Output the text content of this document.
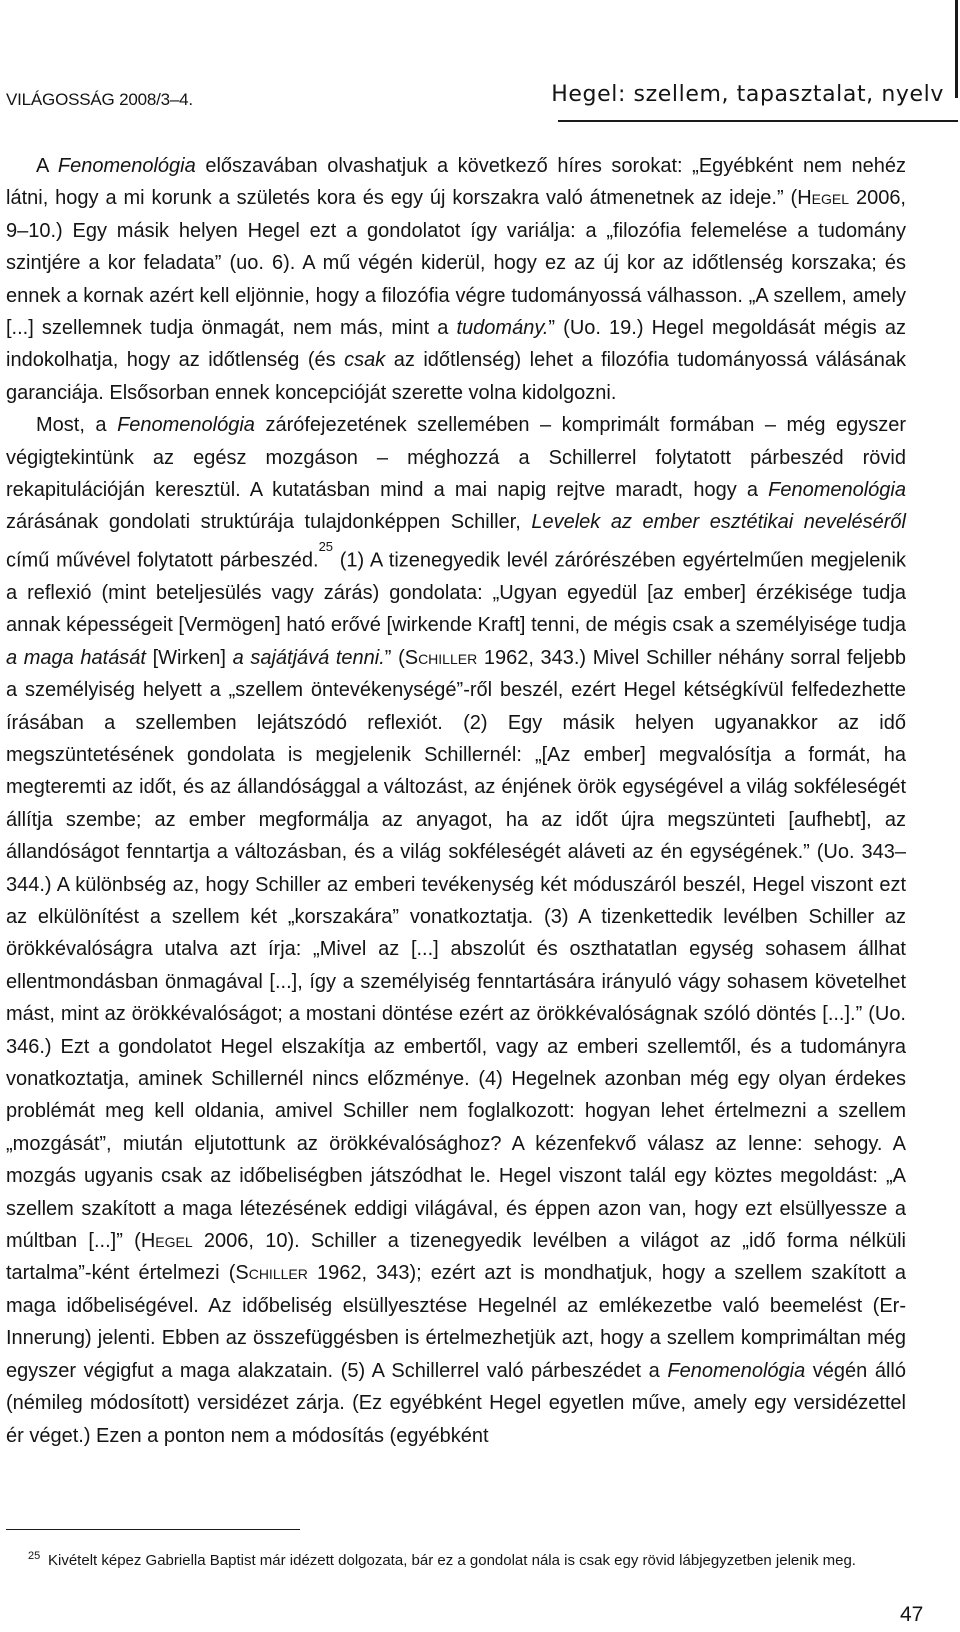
VILÁGOSSÁG 2008/3–4.	Hegel: szellem, tapasztalat, nyelv

A Fenomenológia előszavában olvashatjuk a következő híres sorokat: „Egyébként nem nehéz látni, hogy a mi korunk a születés kora és egy új korszakra való átmenetnek az ideje.” (Hegel 2006, 9–10.) Egy másik helyen Hegel ezt a gondolatot így variálja: a „filozófia felemelése a tudomány szintjére a kor feladata” (uo. 6). A mű végén kiderül, hogy ez az új kor az időtlenség korszaka; és ennek a kornak azért kell eljönnie, hogy a filozófia végre tudományossá válhasson. „A szellem, amely [...] szellemnek tudja önmagát, nem más, mint a tudomány.” (Uo. 19.) Hegel megoldását mégis az indokolhatja, hogy az időtlenség (és csak az időtlenség) lehet a filozófia tudományossá válásának garanciája. Elsősorban ennek koncepcióját szerette volna kidolgozni.

Most, a Fenomenológia zárófejezetének szellemében – komprimált formában – még egyszer végigtekintünk az egész mozgáson – méghozzá a Schillerrel folytatott párbeszéd rövid rekapitulációján keresztül. A kutatásban mind a mai napig rejtve maradt, hogy a Fenomenológia zárásának gondolati struktúrája tulajdonképpen Schiller, Levelek az ember esztétikai neveléséről című művével folytatott párbeszéd.$^{25}$ (1) A tizenegyedik levél zárórészében egyértelműen megjelenik a reflexió (mint beteljesülés vagy zárás) gondolata: „Ugyan egyedül [az ember] érzékisége tudja annak képességeit [Vermögen] ható erővé [wirkende Kraft] tenni, de mégis csak a személyisége tudja a maga hatását [Wirken] a sajátjává tenni.” (Schiller 1962, 343.) Mivel Schiller néhány sorral feljebb a személyiség helyett a „szellem öntevékenységé”-ről beszél, ezért Hegel kétségkívül felfedezhette írásában a szellemben lejátszódó reflexiót. (2) Egy másik helyen ugyanakkor az idő megszüntetésének gondolata is megjelenik Schillernél: „[Az ember] megvalósítja a formát, ha megteremti az időt, és az állandósággal a változást, az énjének örök egységével a világ sokféleségét állítja szembe; az ember megformálja az anyagot, ha az időt újra megszünteti [aufhebt], az állandóságot fenntartja a változásban, és a világ sokféleségét aláveti az én egységének.” (Uo. 343–344.) A különbség az, hogy Schiller az emberi tevékenység két móduszáról beszél, Hegel viszont ezt az elkülönítést a szellem két „korszakára” vonatkoztatja. (3) A tizenkettedik levélben Schiller az örökkévalóságra utalva azt írja: „Mivel az [...] abszolút és oszthatatlan egység sohasem állhat ellentmondásban önmagával [...], így a személyiség fenntartására irányuló vágy sohasem követelhet mást, mint az örökkévalóságot; a mostani döntése ezért az örökkévalóságnak szóló döntés [...].” (Uo. 346.) Ezt a gondolatot Hegel elszakítja az embertől, vagy az emberi szellemtől, és a tudományra vonatkoztatja, aminek Schillernél nincs előzménye. (4) Hegelnek azonban még egy olyan érdekes problémát meg kell oldania, amivel Schiller nem foglalkozott: hogyan lehet értelmezni a szellem „mozgását”, miután eljutottunk az örökkévalósághoz? A kézenfekvő válasz az lenne: sehogy. A mozgás ugyanis csak az időbeliségben játszódhat le. Hegel viszont talál egy köztes megoldást: „A szellem szakított a maga létezésének eddigi világával, és éppen azon van, hogy ezt elsüllyessze a múltban [...]” (Hegel 2006, 10). Schiller a tizenegyedik levélben a világot az „idő forma nélküli tartalma”-ként értelmezi (Schiller 1962, 343); ezért azt is mondhatjuk, hogy a szellem szakított a maga időbeliségével. Az időbeliség elsüllyesztése Hegelnél az emlékezetbe való beemelést (Er-Innerung) jelenti. Ebben az összefüggésben is értelmezhetjük azt, hogy a szellem komprimáltan még egyszer végigfut a maga alakzatain. (5) A Schillerrel való párbeszédet a Fenomenológia végén álló (némileg módosított) versidézet zárja. (Ez egyébként Hegel egyetlen műve, amely egy versidézettel ér véget.) Ezen a ponton nem a módosítás (egyébként

25 Kivételt képez Gabriella Baptist már idézett dolgozata, bár ez a gondolat nála is csak egy rövid lábjegyzetben jelenik meg.
47
